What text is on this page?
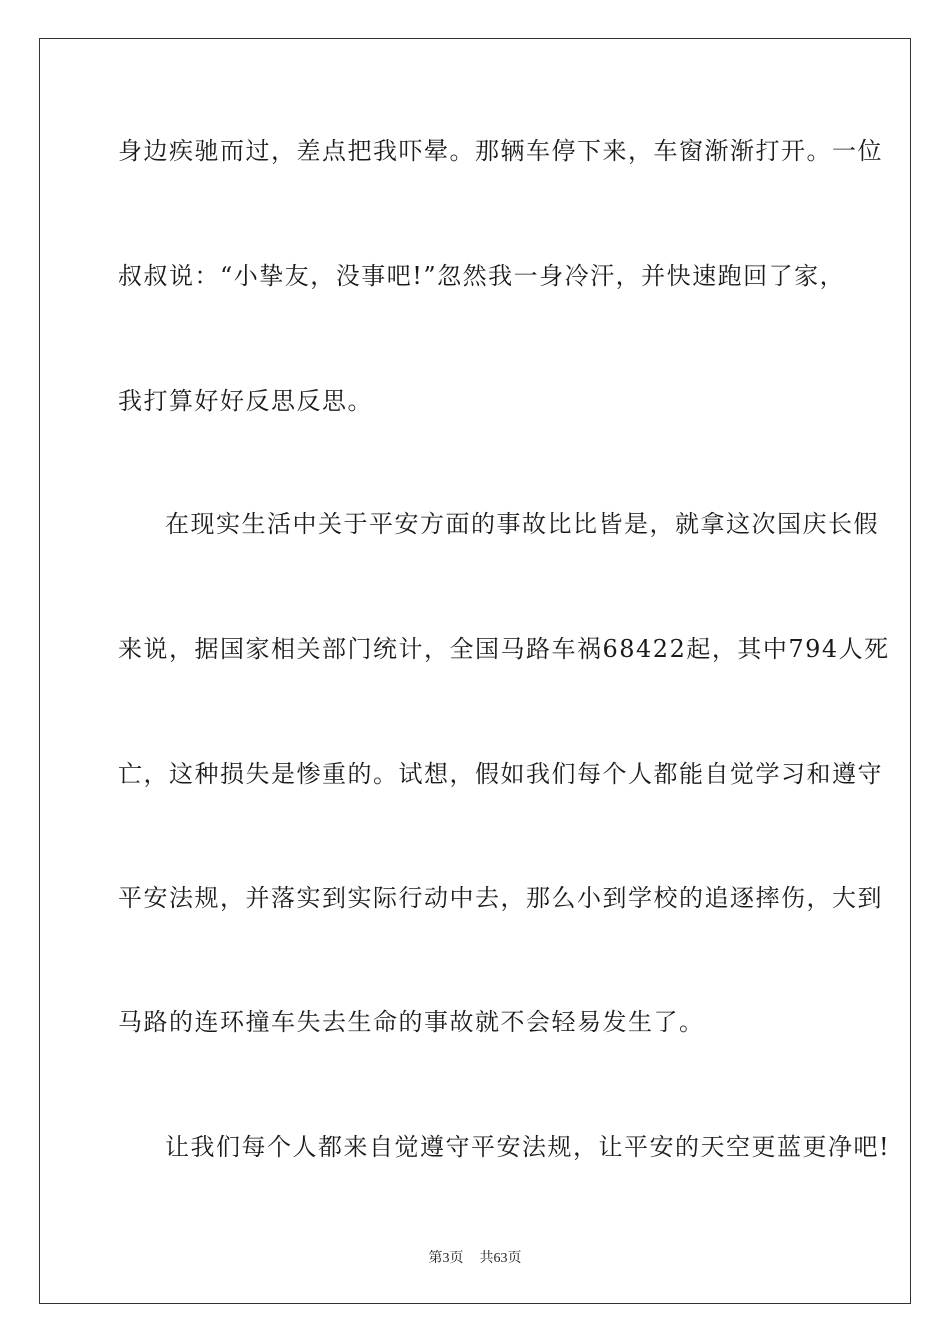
身边疾驰而过，差点把我吓晕。那辆车停下来，车窗渐渐打开。一位
叔叔说：“小挚友，没事吧!”忽然我一身冷汗，并快速跑回了家，
我打算好好反思反思。
在现实生活中关于平安方面的事故比比皆是，就拿这次国庆长假
来说，据国家相关部门统计，全国马路车祸68422起，其中794人死
亡，这种损失是惨重的。试想，假如我们每个人都能自觉学习和遵守
平安法规，并落实到实际行动中去，那么小到学校的追逐摔伤，大到
马路的连环撞车失去生命的事故就不会轻易发生了。
让我们每个人都来自觉遵守平安法规，让平安的天空更蓝更净吧!
第3页 共63页
